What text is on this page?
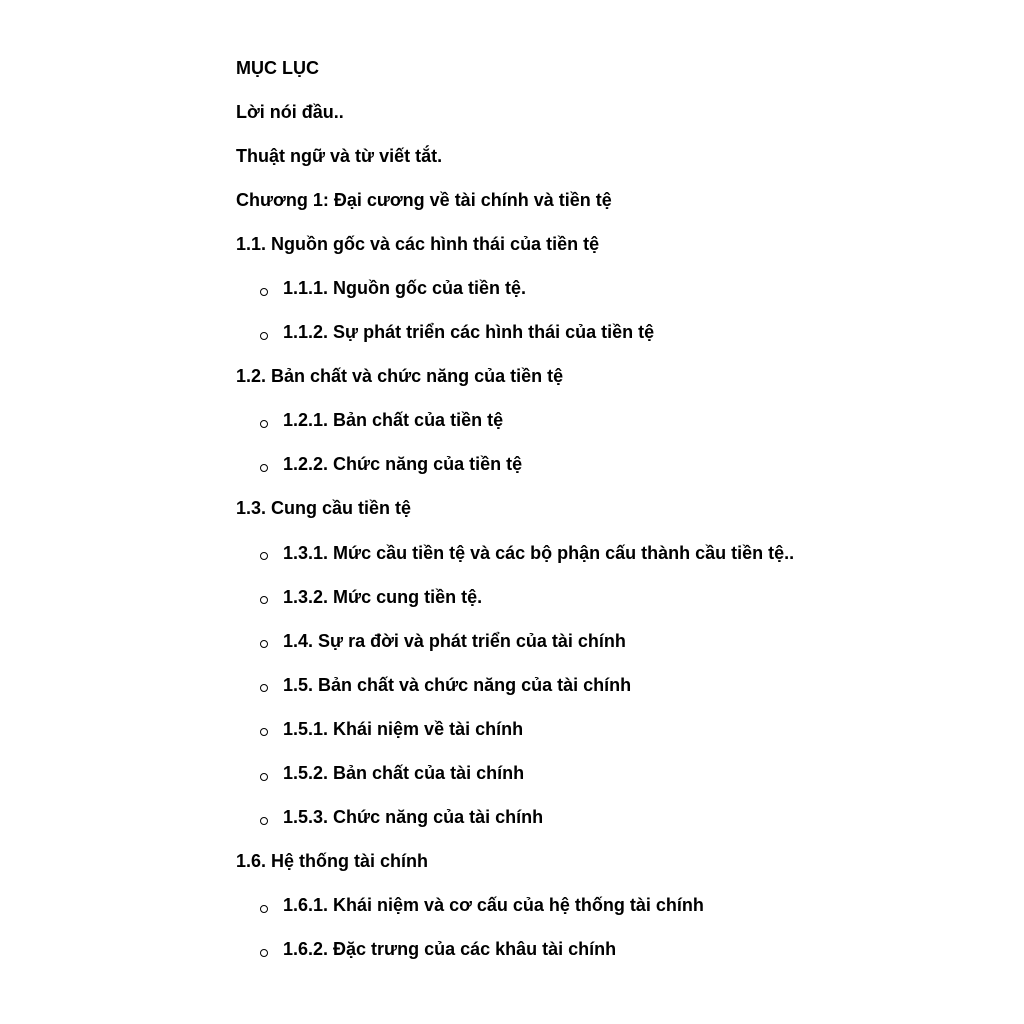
MỤC LỤC
Lời nói đầu..
Thuật ngữ và từ viết tắt.
Chương 1: Đại cương về tài chính và tiền tệ
1.1. Nguồn gốc và các hình thái của tiền tệ
1.1.1. Nguồn gốc của tiền tệ.
1.1.2. Sự phát triển các hình thái của tiền tệ
1.2. Bản chất và chức năng của tiền tệ
1.2.1. Bản chất của tiền tệ
1.2.2. Chức năng của tiền tệ
1.3. Cung cầu tiền tệ
1.3.1. Mức cầu tiền tệ và các bộ phận cấu thành cầu tiền tệ..
1.3.2. Mức cung tiền tệ.
1.4. Sự ra đời và phát triển của tài chính
1.5. Bản chất và chức năng của tài chính
1.5.1. Khái niệm về tài chính
1.5.2. Bản chất của tài chính
1.5.3. Chức năng của tài chính
1.6. Hệ thống tài chính
1.6.1. Khái niệm và cơ cấu của hệ thống tài chính
1.6.2. Đặc trưng của các khâu tài chính
